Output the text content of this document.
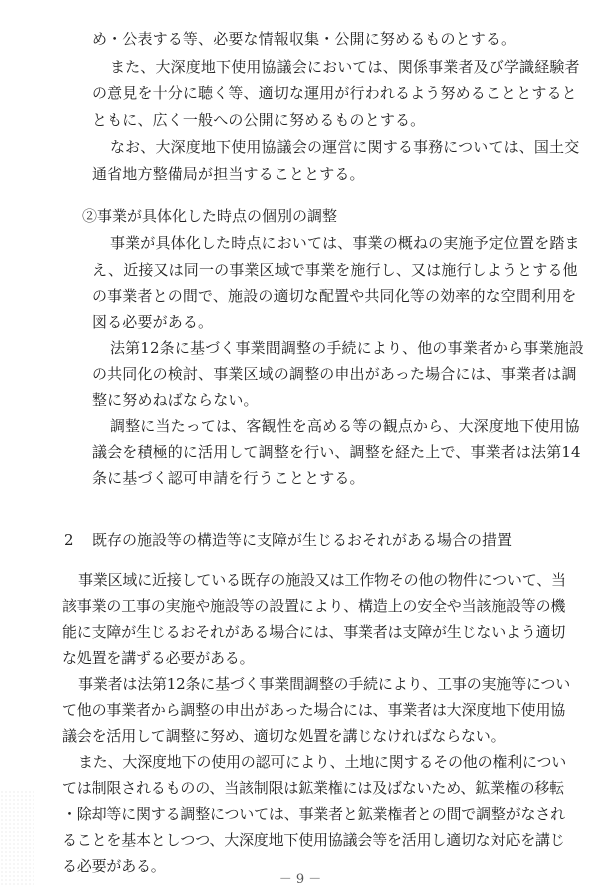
め・公表する等、必要な情報収集・公開に努めるものとする。
また、大深度地下使用協議会においては、関係事業者及び学識経験者
の意見を十分に聴く等、適切な運用が行われるよう努めることとすると
ともに、広く一般への公開に努めるものとする。
なお、大深度地下使用協議会の運営に関する事務については、国土交
通省地方整備局が担当することとする。
②事業が具体化した時点の個別の調整
事業が具体化した時点においては、事業の概ねの実施予定位置を踏ま
え、近接又は同一の事業区域で事業を施行し、又は施行しようとする他
の事業者との間で、施設の適切な配置や共同化等の効率的な空間利用を
図る必要がある。
法第12条に基づく事業間調整の手続により、他の事業者から事業施設
の共同化の検討、事業区域の調整の申出があった場合には、事業者は調
整に努めねばならない。
調整に当たっては、客観性を高める等の観点から、大深度地下使用協
議会を積極的に活用して調整を行い、調整を経た上で、事業者は法第14
条に基づく認可申請を行うこととする。
2 既存の施設等の構造等に支障が生じるおそれがある場合の措置
事業区域に近接している既存の施設又は工作物その他の物件について、当
該事業の工事の実施や施設等の設置により、構造上の安全や当該施設等の機
能に支障が生じるおそれがある場合には、事業者は支障が生じないよう適切
な処置を講ずる必要がある。
事業者は法第12条に基づく事業間調整の手続により、工事の実施等につい
て他の事業者から調整の申出があった場合には、事業者は大深度地下使用協
議会を活用して調整に努め、適切な処置を講じなければならない。
また、大深度地下の使用の認可により、土地に関するその他の権利につい
ては制限されるものの、当該制限は鉱業権には及ばないため、鉱業権の移転
・除却等に関する調整については、事業者と鉱業権者との間で調整がなされ
ることを基本としつつ、大深度地下使用協議会等を活用し適切な対応を講じ
る必要がある。
－ 9 －
